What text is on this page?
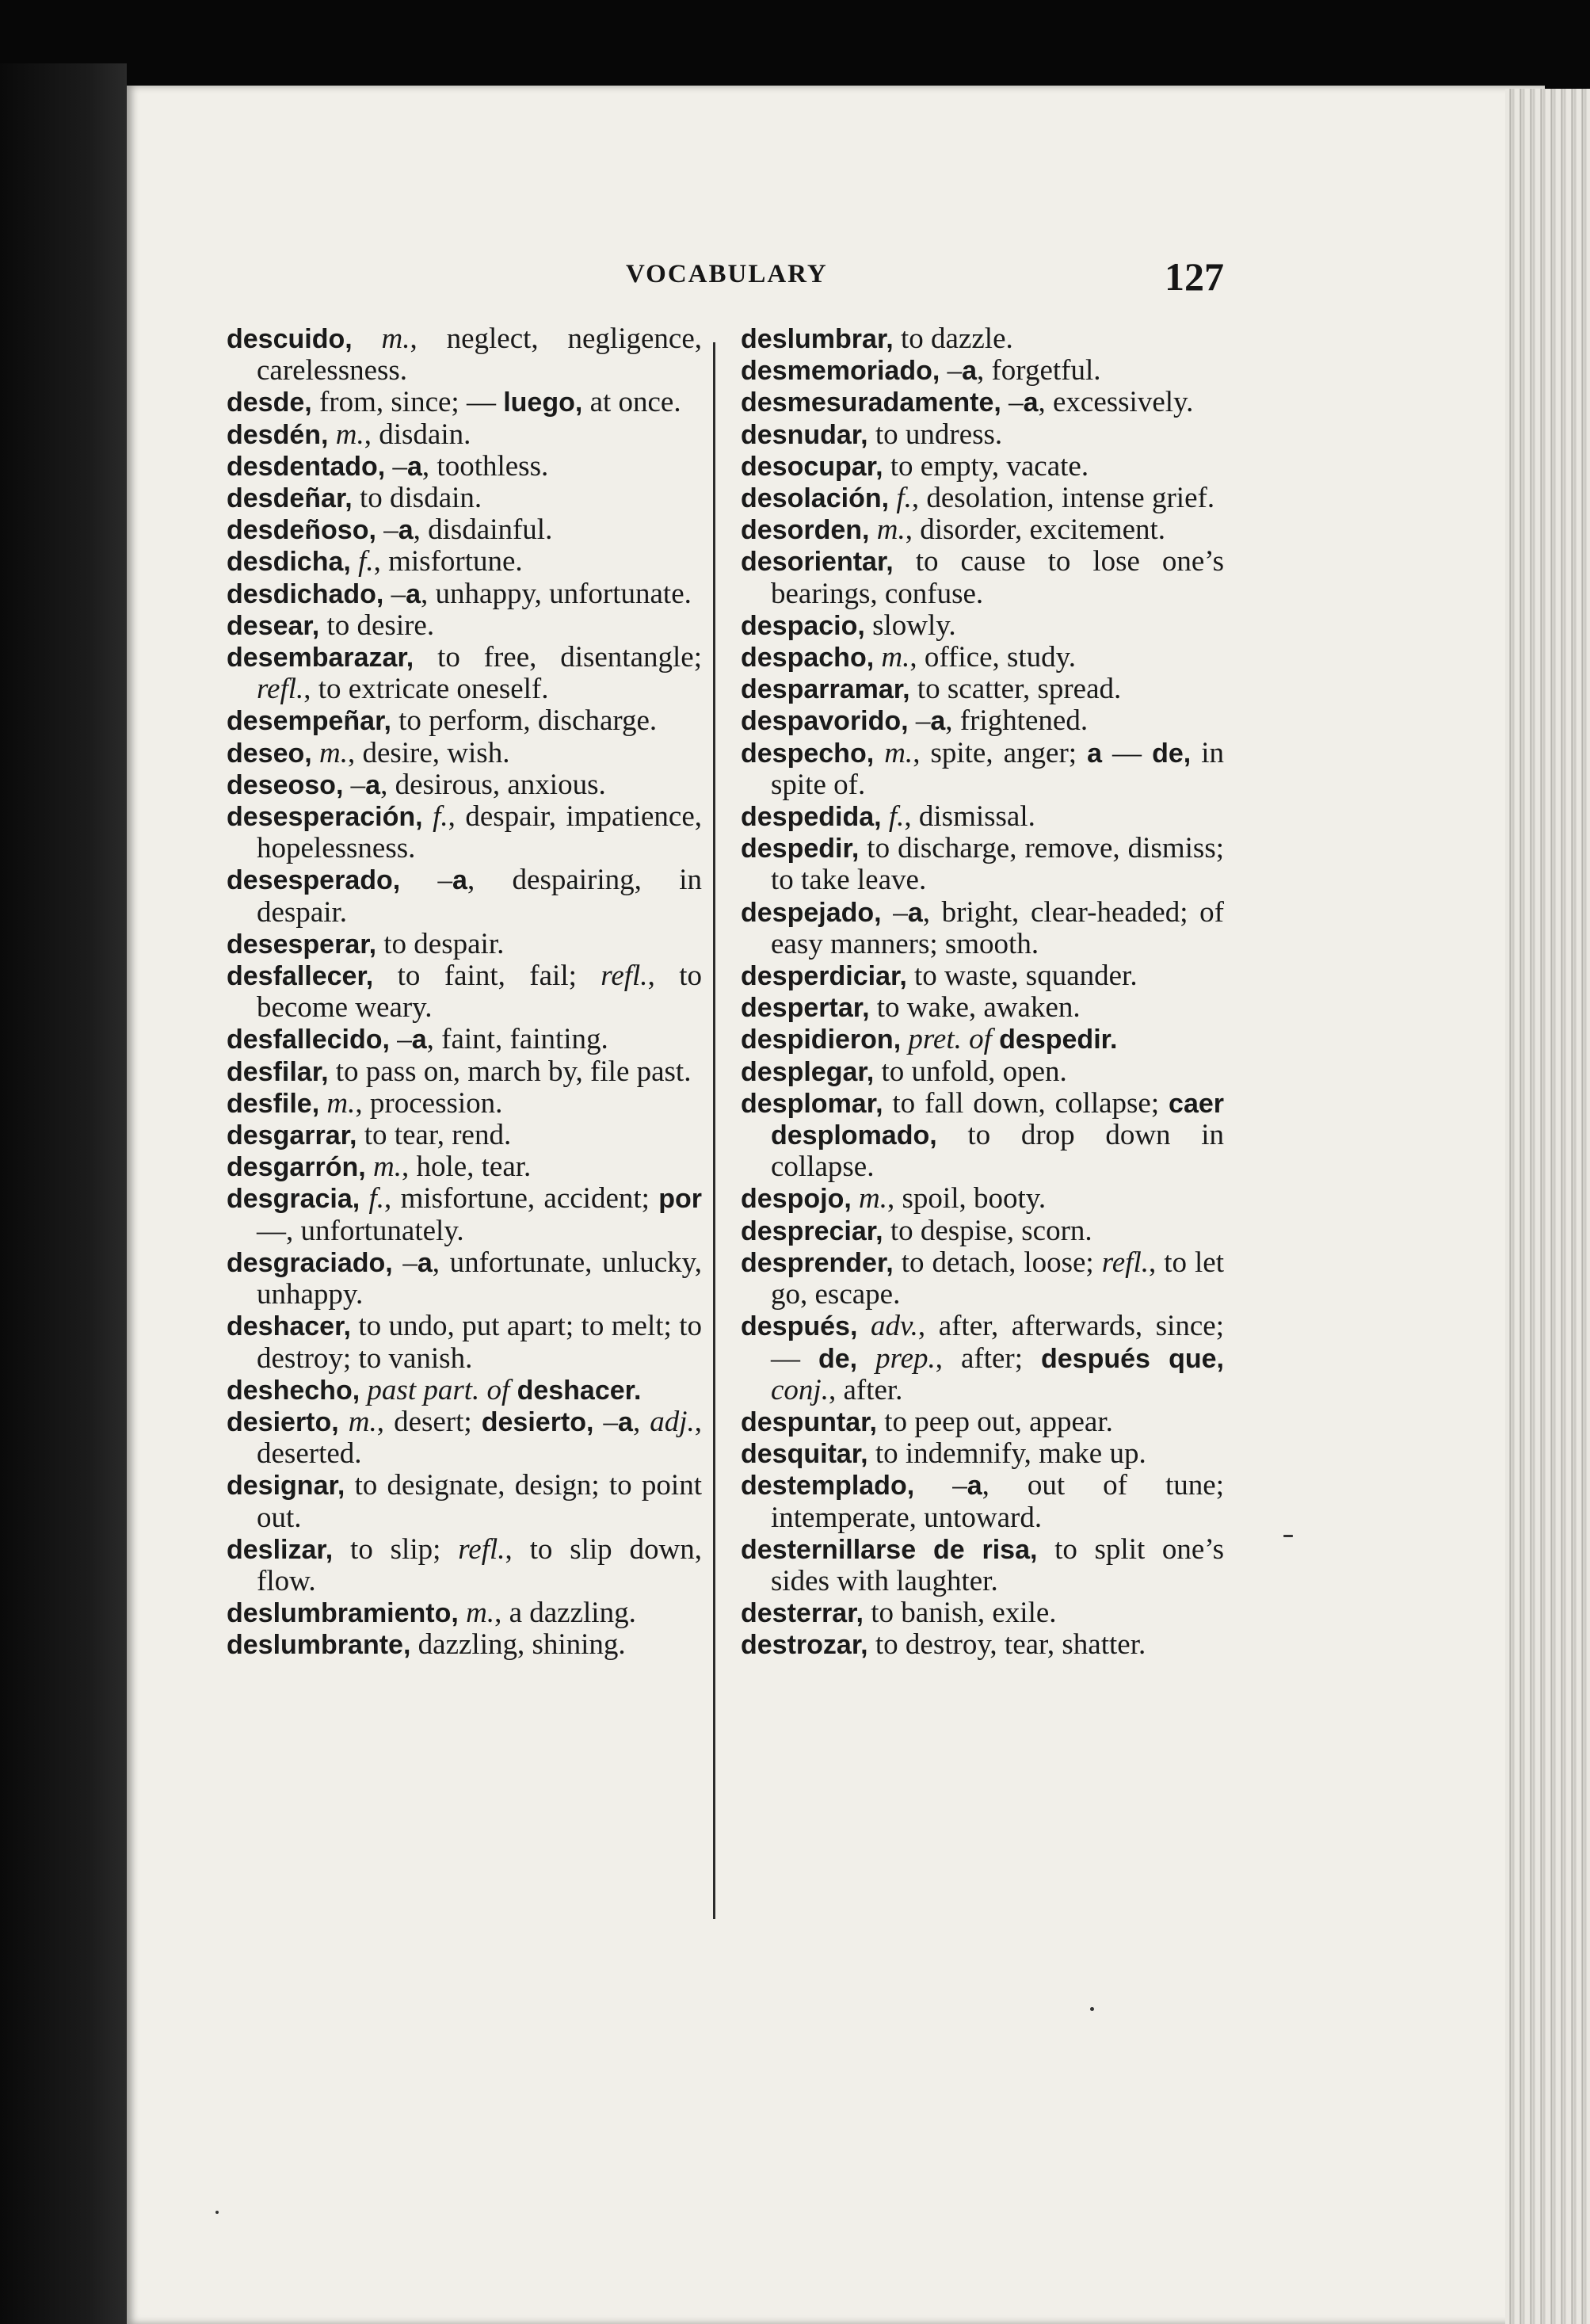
VOCABULARY	127

descuido, m., neglect, negligence, carelessness.

desde, from, since; — luego, at once.

desdén, m., disdain.

desdentado, –a, toothless.

desdeñar, to disdain.

desdeñoso, –a, disdainful.

desdicha, f., misfortune.

desdichado, –a, unhappy, unfortunate.

desear, to desire.

desembarazar, to free, disentangle; refl., to extricate oneself.

desempeñar, to perform, discharge.

deseo, m., desire, wish.

deseoso, –a, desirous, anxious.

desesperación, f., despair, impatience, hopelessness.

desesperado, –a, despairing, in despair.

desesperar, to despair.

desfallecer, to faint, fail; refl., to become weary.

desfallecido, –a, faint, fainting.

desfilar, to pass on, march by, file past.

desfile, m., procession.

desgarrar, to tear, rend.

desgarrón, m., hole, tear.

desgracia, f., misfortune, accident; por —, unfortunately.

desgraciado, –a, unfortunate, unlucky, unhappy.

deshacer, to undo, put apart; to melt; to destroy; to vanish.

deshecho, past part. of deshacer.

desierto, m., desert; desierto, –a, adj., deserted.

designar, to designate, design; to point out.

deslizar, to slip; refl., to slip down, flow.

deslumbramiento, m., a dazzling.

deslumbrante, dazzling, shining.

deslumbrar, to dazzle.

desmemoriado, –a, forgetful.

desmesuradamente, –a, excessively.

desnudar, to undress.

desocupar, to empty, vacate.

desolación, f., desolation, intense grief.

desorden, m., disorder, excitement.

desorientar, to cause to lose one’s bearings, confuse.

despacio, slowly.

despacho, m., office, study.

desparramar, to scatter, spread.

despavorido, –a, frightened.

despecho, m., spite, anger; a — de, in spite of.

despedida, f., dismissal.

despedir, to discharge, remove, dismiss; to take leave.

despejado, –a, bright, clear-headed; of easy manners; smooth.

desperdiciar, to waste, squander.

despertar, to wake, awaken.

despidieron, pret. of despedir.

desplegar, to unfold, open.

desplomar, to fall down, collapse; caer desplomado, to drop down in collapse.

despojo, m., spoil, booty.

despreciar, to despise, scorn.

desprender, to detach, loose; refl., to let go, escape.

después, adv., after, afterwards, since; — de, prep., after; después que, conj., after.

despuntar, to peep out, appear.

desquitar, to indemnify, make up.

destemplado, –a, out of tune; intemperate, untoward.

desternillarse de risa, to split one’s sides with laughter.

desterrar, to banish, exile.

destrozar, to destroy, tear, shatter.
